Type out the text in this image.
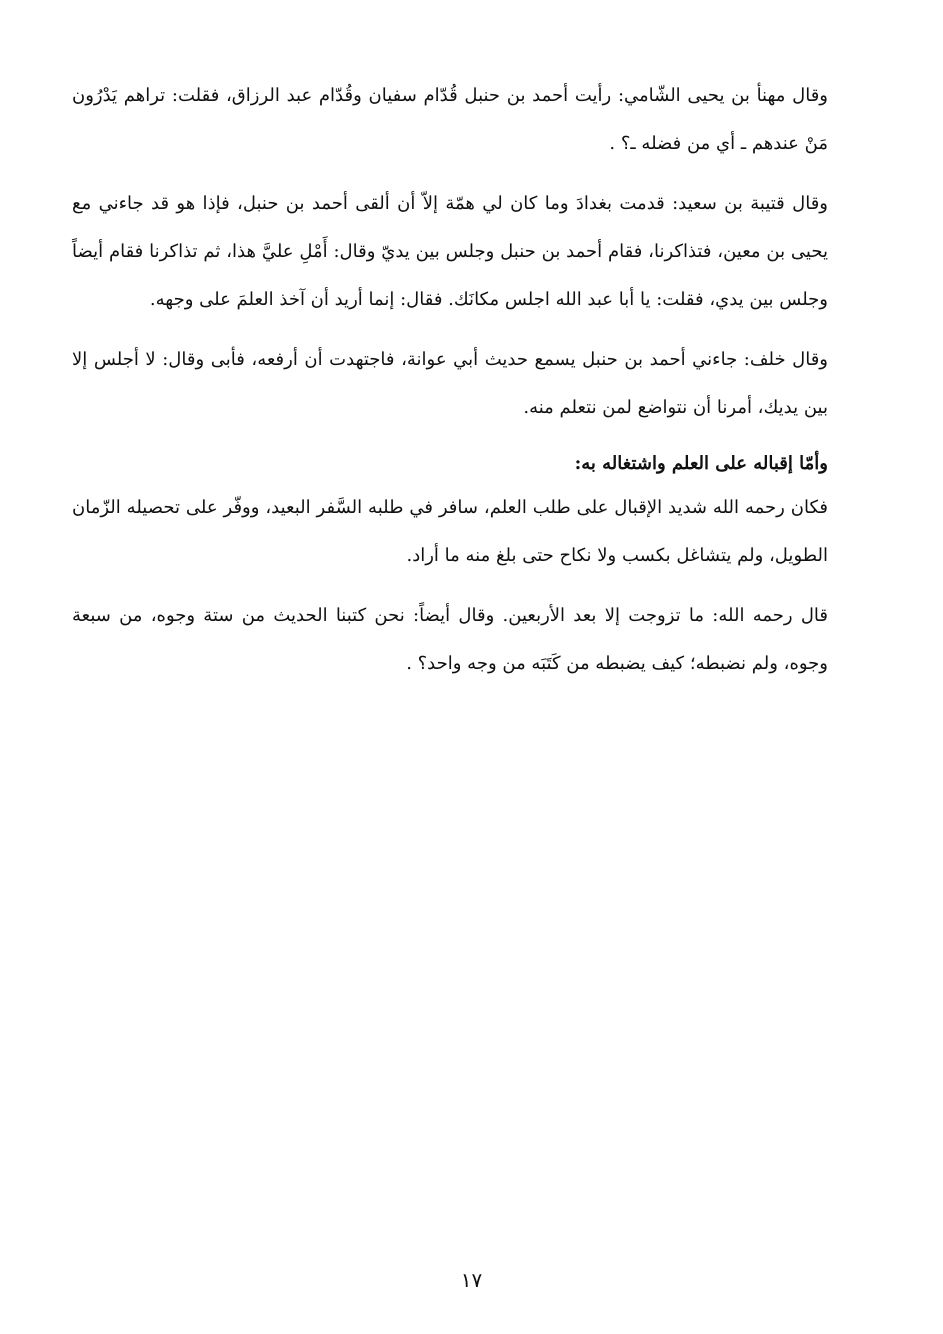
وقال مهنأ بن يحيى الشّامي: رأيت أحمد بن حنبل قُدّام سفيان وقُدّام عبد الرزاق، فقلت: تراهم يَدْرُون مَنْ عندهم ـ أي من فضله ـ؟ .

وقال قتيبة بن سعيد: قدمت بغدادَ وما كان لي همّة إلاّ أن ألقى أحمد بن حنبل، فإذا هو قد جاءني مع يحيى بن معين، فتذاكرنا، فقام أحمد بن حنبل وجلس بين يديّ وقال: أَمْلِ عليَّ هذا، ثم تذاكرنا فقام أيضاً وجلس بين يدي، فقلت: يا أبا عبد الله اجلس مكانَك. فقال: إنما أريد أن آخذ العلمَ على وجهه.

وقال خلف: جاءني أحمد بن حنبل يسمع حديث أبي عوانة، فاجتهدت أن أرفعه، فأبى وقال: لا أجلس إلا بين يديك، أمرنا أن نتواضع لمن نتعلم منه.

وأمّا إقباله على العلم واشتغاله به:

فكان رحمه الله شديد الإقبال على طلب العلم، سافر في طلبه السَّفر البعيد، ووفّر على تحصيله الزّمان الطويل، ولم يتشاغل بكسب ولا نكاح حتى بلغ منه ما أراد.

قال رحمه الله: ما تزوجت إلا بعد الأربعين. وقال أيضاً: نحن كتبنا الحديث من ستة وجوه، من سبعة وجوه، ولم نضبطه؛ كيف يضبطه من كَتَبَه من وجه واحد؟ .

١٧
